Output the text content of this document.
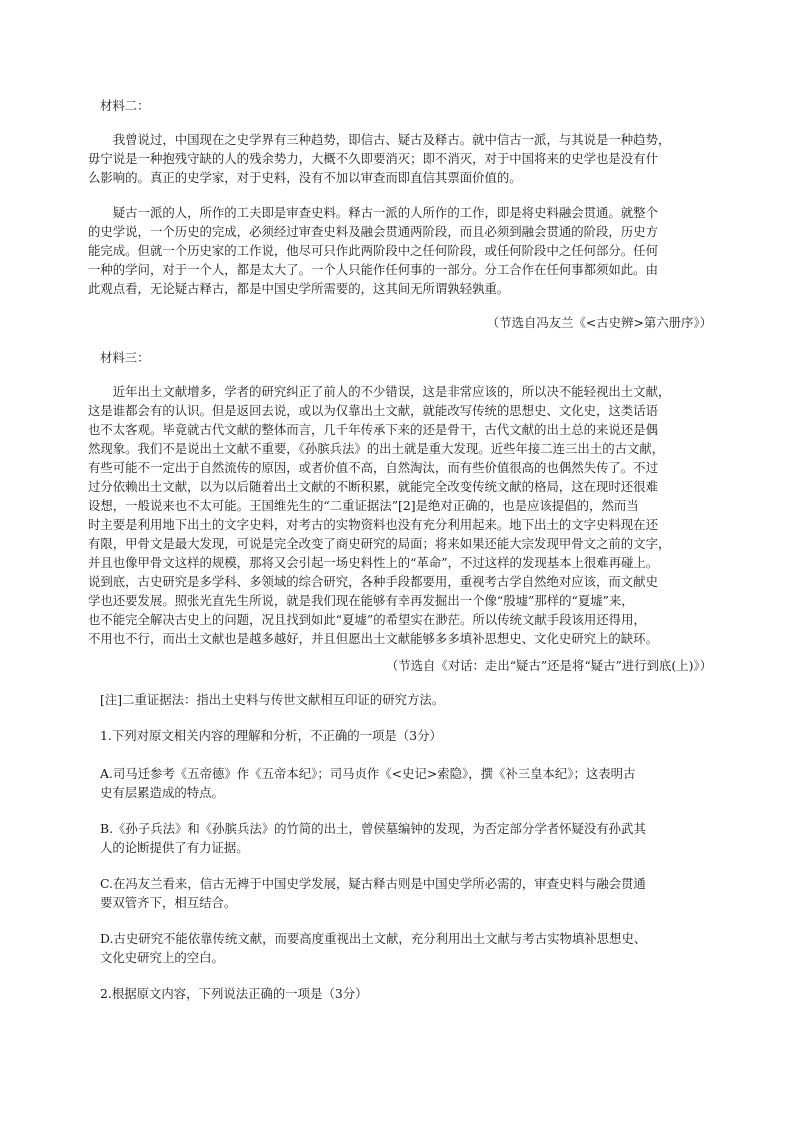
材料二：
　　我曾说过，中国现在之史学界有三种趋势，即信古、疑古及释古。就中信古一派，与其说是一种趋势，
毋宁说是一种抱残守缺的人的残余势力，大概不久即要消灭；即不消灭，对于中国将来的史学也是没有什
么影响的。真正的史学家，对于史料，没有不加以审查而即直信其票面价值的。
　　疑古一派的人，所作的工夫即是审查史料。释古一派的人所作的工作，即是将史料融会贯通。就整个
的史学说，一个历史的完成，必须经过审查史料及融会贯通两阶段，而且必须到融会贯通的阶段，历史方
能完成。但就一个历史家的工作说，他尽可只作此两阶段中之任何阶段，或任何阶段中之任何部分。任何
一种的学问，对于一个人，都是太大了。一个人只能作任何事的一部分。分工合作在任何事都须如此。由
此观点看，无论疑古释古，都是中国史学所需要的，这其间无所谓孰轻孰重。
（节选自冯友兰《<古史辨>第六册序》）
材料三：
　　近年出土文献增多，学者的研究纠正了前人的不少错误，这是非常应该的，所以决不能轻视出土文献，
这是谁都会有的认识。但是返回去说，或以为仅靠出土文献，就能改写传统的思想史、文化史，这类话语
也不太客观。毕竟就古代文献的整体而言，几千年传承下来的还是骨干，古代文献的出土总的来说还是偶
然现象。我们不是说出土文献不重要，《孙膑兵法》的出土就是重大发现。近些年接二连三出土的古文献，
有些可能不一定出于自然流传的原因，或者价值不高，自然淘汰，而有些价值很高的也偶然失传了。不过
过分依赖出土文献，以为以后随着出土文献的不断积累，就能完全改变传统文献的格局，这在现时还很难
设想，一般说来也不太可能。王国维先生的“二重证据法”[2]是绝对正确的，也是应该提倡的，然而当
时主要是利用地下出土的文字史料，对考古的实物资料也没有充分利用起来。地下出土的文字史料现在还
有限，甲骨文是最大发现，可说是完全改变了商史研究的局面；将来如果还能大宗发现甲骨文之前的文字，
并且也像甲骨文这样的规模，那将又会引起一场史料性上的“革命”，不过这样的发现基本上很难再碰上。
说到底，古史研究是多学科、多领域的综合研究，各种手段都要用，重视考古学自然绝对应该，而文献史
学也还要发展。照张光直先生所说，就是我们现在能够有幸再发掘出一个像“殷墟”那样的“夏墟”来，
也不能完全解决古史上的问题，况且找到如此“夏墟”的希望实在渺茫。所以传统文献手段该用还得用，
不用也不行，而出土文献也是越多越好，并且但愿出土文献能够多多填补思想史、文化史研究上的缺环。
（节选自《对话：走出“疑古”还是将“疑古”进行到底(上)》）
[注]二重证据法：指出土史料与传世文献相互印证的研究方法。
1.下列对原文相关内容的理解和分析，不正确的一项是（3分）
A.司马迁参考《五帝德》作《五帝本纪》；司马贞作《<史记>索隐》，撰《补三皇本纪》；这表明古
史有层累造成的特点。
B.《孙子兵法》和《孙膑兵法》的竹简的出土，曾侯墓编钟的发现，为否定部分学者怀疑没有孙武其
人的论断提供了有力证据。
C.在冯友兰看来，信古无裨于中国史学发展，疑古释古则是中国史学所必需的，审查史料与融会贯通
要双管齐下，相互结合。
D.古史研究不能依靠传统文献，而要高度重视出土文献，充分利用出土文献与考古实物填补思想史、
文化史研究上的空白。
2.根据原文内容，下列说法正确的一项是（3分）
